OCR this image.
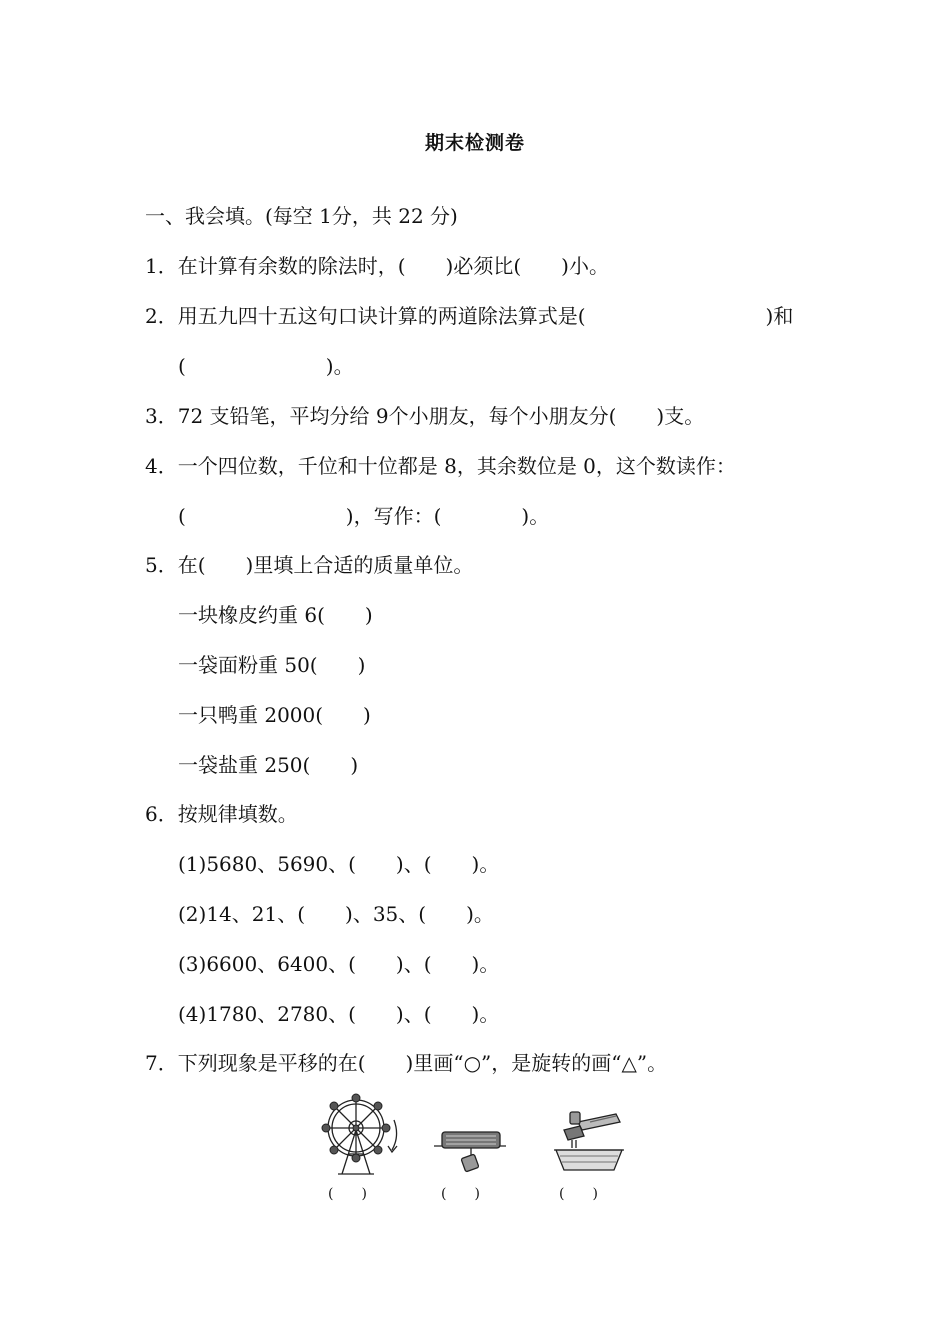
期末检测卷
一、我会填。(每空 1分，共 22 分)
1．在计算有余数的除法时，(　　)必须比(　　)小。
2．用五九四十五这句口诀计算的两道除法算式是(　　　　　　　　　)和
(　　　　　　　)。
3．72 支铅笔，平均分给 9个小朋友，每个小朋友分(　　)支。
4．一个四位数，千位和十位都是 8，其余数位是 0，这个数读作：
(　　　　　　　　)，写作：(　　　　)。
5．在(　　)里填上合适的质量单位。
一块橡皮约重 6(　　)
一袋面粉重 50(　　)
一只鸭重 2000(　　)
一袋盐重 250(　　)
6．按规律填数。
(1)5680、5690、(　　)、(　　)。
(2)14、21、(　　)、35、(　　)。
(3)6600、6400、(　　)、(　　)。
(4)1780、2780、(　　)、(　　)。
7．下列现象是平移的在(　　)里画“○”，是旋转的画“△”。
(　　)	(　　)	(　　)
